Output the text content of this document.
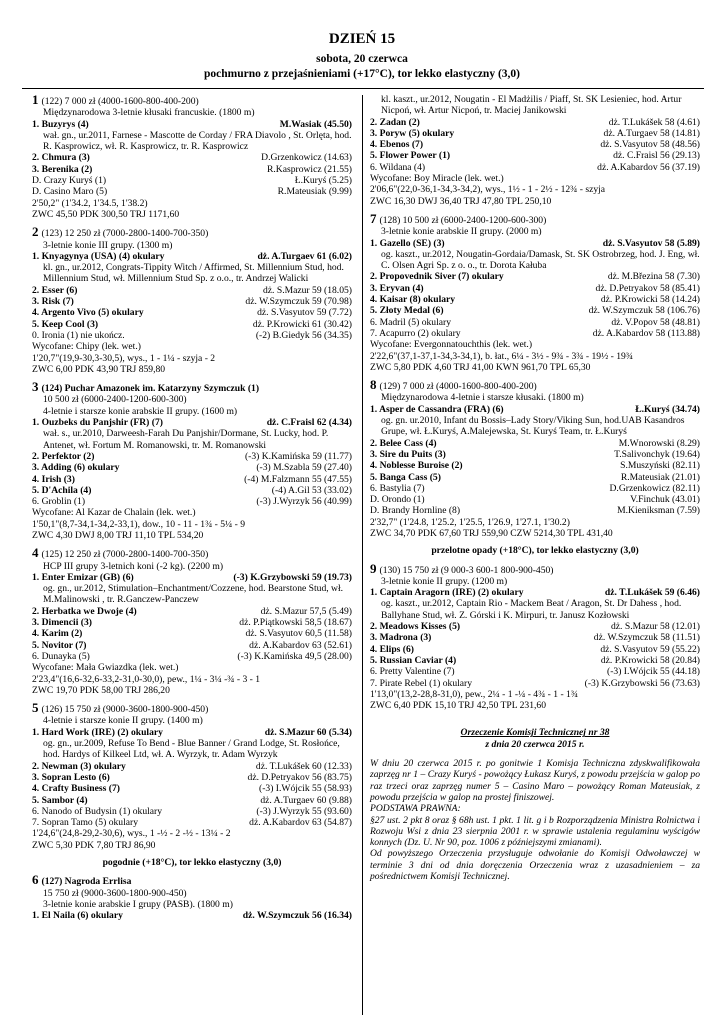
DZIEŃ 15
sobota, 20 czerwca
pochmurno z przejaśnieniami (+17°C), tor lekko elastyczny (3,0)
1 (122) 7 000 zł (4000-1600-800-400-200)
Międzynarodowa 3-letnie kłusaki francuskie. (1800 m)
1. Buzyrys (4)	M.Wasiak (45.50)
wał. gn., ur.2011, Farnese - Mascotte de Corday / FRA Diavolo , St. Orlęta, hod. R. Kasprowicz, wł. R. Kasprowicz, tr. R. Kasprowicz
2. Chmura (3)	D.Grzenkowicz (14.63)
3. Berenika (2)	R.Kasprowicz (21.55)
D. Crazy Kuryś (1)	Ł.Kuryś (5.25)
D. Casino Maro (5)	R.Mateusiak (9.99)
2'50,2" (1'34.2, 1'34.5, 1'38.2)
ZWC 45,50 PDK 300,50 TRJ 1171,60
2 (123) 12 250 zł (7000-2800-1400-700-350)
3-letnie konie III grupy. (1300 m)
1. Knyagynya (USA) (4) okulary	dż. A.Turgaev 61 (6.02)
kl. gn., ur.2012, Congrats-Tippity Witch / Affirmed, St. Millennium Stud, hod. Millennium Stud, wł. Millennium Stud Sp. z o.o., tr. Andrzej Walicki
2. Esser (6)	dż. S.Mazur 59 (18.05)
3. Risk (7)	dż. W.Szymczuk 59 (70.98)
4. Argento Vivo (5) okulary	dż. S.Vasyutov 59 (7.72)
5. Keep Cool (3)	dż. P.Krowicki 61 (30.42)
0. Ironia (1) nie ukończ.	(-2) B.Giedyk 56 (34.35)
Wycofane: Chipy (lek. wet.)
1'20,7"(19,9-30,3-30,5), wys., 1 - 1¼ - szyja - 2
ZWC 6,00 PDK 43,90 TRJ 859,80
3 (124) Puchar Amazonek im. Katarzyny Szymczuk (1)
10 500 zł (6000-2400-1200-600-300)
4-letnie i starsze konie arabskie II grupy. (1600 m)
1. Ouzbeks du Panjshir (FR) (7)	dż. C.Fraisl 62 (4.34)
wał. s., ur.2010, Darweesh-Farah Du Panjshir/Dormane, St. Lucky, hod. P. Antenet, wł. Fortum M. Romanowski, tr. M. Romanowski
2. Perfektor (2)	(-3) K.Kamińska 59 (11.77)
3. Adding (6) okulary	(-3) M.Szabla 59 (27.40)
4. Irish (3)	(-4) M.Falzmann 55 (47.55)
5. D'Achila (4)	(-4) A.Gil 53 (33.02)
6. Groblin (1)	(-3) J.Wyrzyk 56 (40.99)
Wycofane: Al Kazar de Chalain (lek. wet.)
1'50,1"(8,7-34,1-34,2-33,1), dow., 10 - 11 - 1¾ - 5¼ - 9
ZWC 4,30 DWJ 8,00 TRJ 11,10 TPL 534,20
4 (125) 12 250 zł (7000-2800-1400-700-350)
HCP III grupy 3-letnich koni (-2 kg). (2200 m)
1. Enter Emizar (GB) (6)	(-3) K.Grzybowski 59 (19.73)
og. gn., ur.2012, Stimulation–Enchantment/Cozzene, hod. Bearstone Stud, wł. M.Malinowski , tr. R.Ganczew-Panczew
2. Herbatka we Dwoje (4)	dż. S.Mazur 57,5 (5.49)
3. Dimencii (3)	dż. P.Piątkowski 58,5 (18.67)
4. Karim (2)	dż. S.Vasyutov 60,5 (11.58)
5. Novitor (7)	dż. A.Kabardov 63 (52.61)
6. Dunayka (5)	(-3) K.Kamińska 49,5 (28.00)
Wycofane: Mała Gwiazdka (lek. wet.)
2'23,4"(16,6-32,6-33,2-31,0-30,0), pew., 1¼ - 3¼ -¾ - 3 - 1
ZWC 19,70 PDK 58,00 TRJ 286,20
5 (126) 15 750 zł (9000-3600-1800-900-450)
4-letnie i starsze konie II grupy. (1400 m)
1. Hard Work (IRE) (2) okulary	dż. S.Mazur 60 (5.34)
og. gn., ur.2009, Refuse To Bend - Blue Banner / Grand Lodge, St. Rosłońce, hod. Hardys of Kilkeel Ltd, wł. A. Wyrzyk, tr. Adam Wyrzyk
2. Newman (3) okulary	dż. T.Lukášek 60 (12.33)
3. Sopran Lesto (6)	dż. D.Petryakov 56 (83.75)
4. Crafty Business (7)	(-3) I.Wójcik 55 (58.93)
5. Sambor (4)	dż. A.Turgaev 60 (9.88)
6. Nanodo of Budysin (1) okulary	(-3) J.Wyrzyk 55 (93.60)
7. Sopran Tamo (5) okulary	dż. A.Kabardov 63 (54.87)
1'24,6"(24,8-29,2-30,6), wys., 1 -½ - 2 -½ - 13¼ - 2
ZWC 5,30 PDK 7,80 TRJ 86,90
pogodnie (+18°C), tor lekko elastyczny (3,0)
6 (127) Nagroda Errlisa
15 750 zł (9000-3600-1800-900-450)
3-letnie konie arabskie I grupy (PASB). (1800 m)
1. El Naila (6) okulary	dż. W.Szymczuk 56 (16.34)
kl. kaszt., ur.2012, Nougatin - El Madżilis / Piaff, St. SK Lesieniec, hod. Artur Nicpoń, wł. Artur Nicpoń, tr. Maciej Janikowski
2. Zadan (2)	dż. T.Lukášek 58 (4.61)
3. Poryw (5) okulary	dż. A.Turgaev 58 (14.81)
4. Ebenos (7)	dż. S.Vasyutov 58 (48.56)
5. Flower Power (1)	dż. C.Fraisl 56 (29.13)
6. Wildana (4)	dż. A.Kabardov 56 (37.19)
Wycofane: Boy Miracle (lek. wet.)
2'06,6"(22,0-36,1-34,3-34,2), wys., 1½ - 1 - 2½ - 12¾ - szyja
ZWC 16,30 DWJ 36,40 TRJ 47,80 TPL 250,10
7 (128) 10 500 zł (6000-2400-1200-600-300)
3-letnie konie arabskie II grupy. (2000 m)
1. Gazello (SE) (3)	dż. S.Vasyutov 58 (5.89)
og. kaszt., ur.2012, Nougatin-Gordaia/Damask, St. SK Ostrobrzeg, hod. J. Eng, wł. C. Olsen Agri Sp. z o. o., tr. Dorota Kałuba
2. Propovednik Siver (7) okulary	dż. M.Březina 58 (7.30)
3. Eryvan (4)	dż. D.Petryakov 58 (85.41)
4. Kaisar (8) okulary	dż. P.Krowicki 58 (14.24)
5. Złoty Medal (6)	dż. W.Szymczuk 58 (106.76)
6. Madril (5) okulary	dż. V.Popov 58 (48.81)
7. Acapurro (2) okulary	dż. A.Kabardov 58 (113.88)
Wycofane: Evergonnatouchthis (lek. wet.)
2'22,6"(37,1-37,1-34,3-34,1), b. łat., 6¼ - 3½ - 9¾ - 3¾ - 19½ - 19¾
ZWC 5,80 PDK 4,60 TRJ 41,00 KWN 961,70 TPL 65,30
8 (129) 7 000 zł (4000-1600-800-400-200)
Międzynarodowa 4-letnie i starsze kłusaki. (1800 m)
1. Asper de Cassandra (FRA) (6)	Ł.Kuryś (34.74)
og. gn. ur.2010, Infant du Bossis–Lady Story/Viking Sun, hod.UAB Kasandros Grupe, wł. Ł.Kuryś, A.Malejewska, St. Kuryś Team, tr. Ł.Kuryś
2. Belee Cass (4)	M.Wnorowski (8.29)
3. Sire du Puits (3)	T.Salivonchyk (19.64)
4. Noblesse Buroise (2)	S.Muszyński (82.11)
5. Banga Cass (5)	R.Mateusiak (21.01)
6. Bastylia (7)	D.Grzenkowicz (82.11)
D. Orondo (1)	V.Finchuk (43.01)
D. Brandy Hornline (8)	M.Kieniksman (7.59)
2'32,7" (1'24.8, 1'25.2, 1'25.5, 1'26.9, 1'27.1, 1'30.2)
ZWC 34,70 PDK 67,60 TRJ 559,90 CZW 5214,30 TPL 431,40
przelotne opady (+18°C), tor lekko elastyczny (3,0)
9 (130) 15 750 zł (9 000-3 600-1 800-900-450)
3-letnie konie II grupy. (1200 m)
1. Captain Aragorn (IRE) (2) okulary	dż. T.Lukášek 59 (6.46)
og. kaszt., ur.2012, Captain Rio - Mackem Beat / Aragon, St. Dr Dahess , hod. Ballyhane Stud, wł. Z. Górski i K. Mirpuri, tr. Janusz Kozłowski
2. Meadows Kisses (5)	dż. S.Mazur 58 (12.01)
3. Madrona (3)	dż. W.Szymczuk 58 (11.51)
4. Elips (6)	dż. S.Vasyutov 59 (55.22)
5. Russian Caviar (4)	dż. P.Krowicki 58 (20.84)
6. Pretty Valentine (7)	(-3) I.Wójcik 55 (44.18)
7. Pirate Rebel (1) okulary	(-3) K.Grzybowski 56 (73.63)
1'13,0"(13,2-28,8-31,0), pew., 2¼ - 1 -¼ - 4¾ - 1 - 1¾
ZWC 6,40 PDK 15,10 TRJ 42,50 TPL 231,60
Orzeczenie Komisji Technicznej nr 38
z dnia 20 czerwca 2015 r.

W dniu 20 czerwca 2015 r. po gonitwie 1 Komisja Techniczna zdyskwalifikowała zaprzęg nr 1 – Crazy Kuryś - powożący Łukasz Kuryś, z powodu przejścia w galop po raz trzeci oraz zaprzęg numer 5 – Casino Maro – powożący Roman Mateusiak, z powodu przejścia w galop na prostej finiszowej.

PODSTAWA PRAWNA:

§27 ust. 2 pkt 8 oraz § 68h ust. 1 pkt. 1 lit. g i b Rozporządzenia Ministra Rolnictwa i Rozwoju Wsi z dnia 23 sierpnia 2001 r. w sprawie ustalenia regulaminu wyścigów konnych (Dz. U. Nr 90, poz. 1006 z późniejszymi zmianami).

Od powyższego Orzeczenia przysługuje odwołanie do Komisji Odwoławczej w terminie 3 dni od dnia doręczenia Orzeczenia wraz z uzasadnieniem – za pośrednictwem Komisji Technicznej.
